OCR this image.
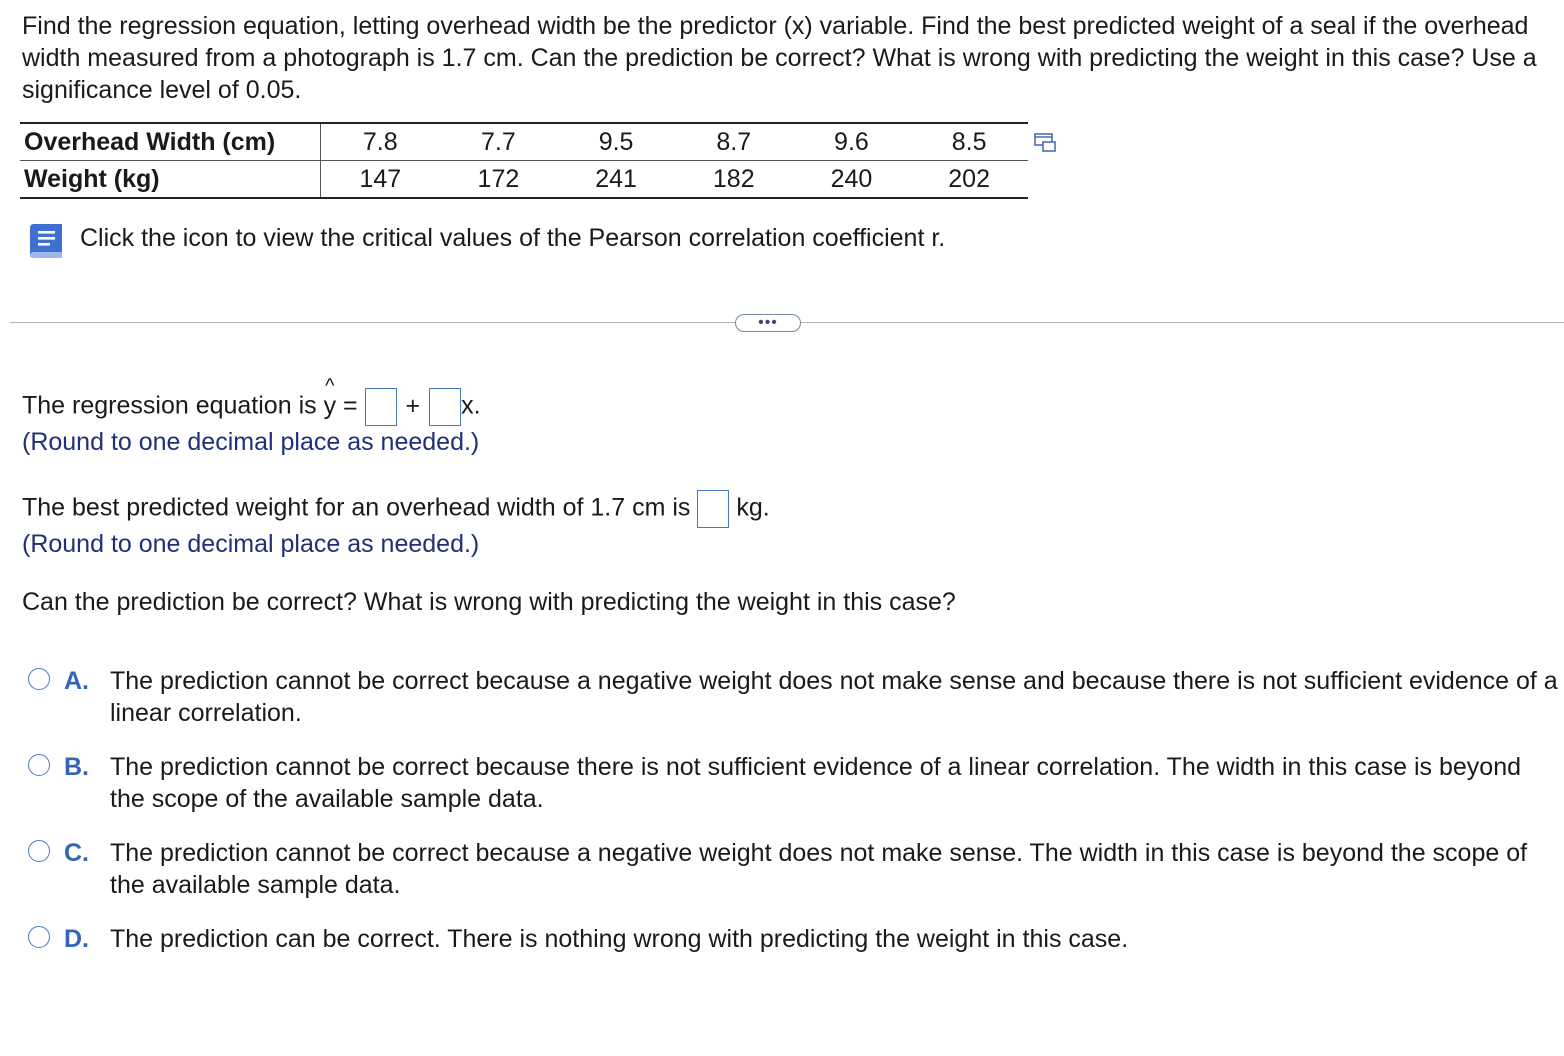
Find the regression equation, letting overhead width be the predictor (x) variable. Find the best predicted weight of a seal if the overhead width measured from a photograph is 1.7 cm. Can the prediction be correct? What is wrong with predicting the weight in this case? Use a significance level of 0.05.

Overhead Width (cm)	7.8	7.7	9.5	8.7	9.6	8.5
Weight (kg)	147	172	241	182	240	202
Click the icon to view the critical values of the Pearson correlation coefficient r.
•••
The regression equation is
^
y = + x.
(Round to one decimal place as needed.)
The best predicted weight for an overhead width of 1.7 cm is kg.
(Round to one decimal place as needed.)
Can the prediction be correct? What is wrong with predicting the weight in this case?
A. The prediction cannot be correct because a negative weight does not make sense and because there is not sufficient evidence of a linear correlation.
B. The prediction cannot be correct because there is not sufficient evidence of a linear correlation. The width in this case is beyond the scope of the available sample data.
C. The prediction cannot be correct because a negative weight does not make sense. The width in this case is beyond the scope of the available sample data.
D. The prediction can be correct. There is nothing wrong with predicting the weight in this case.
